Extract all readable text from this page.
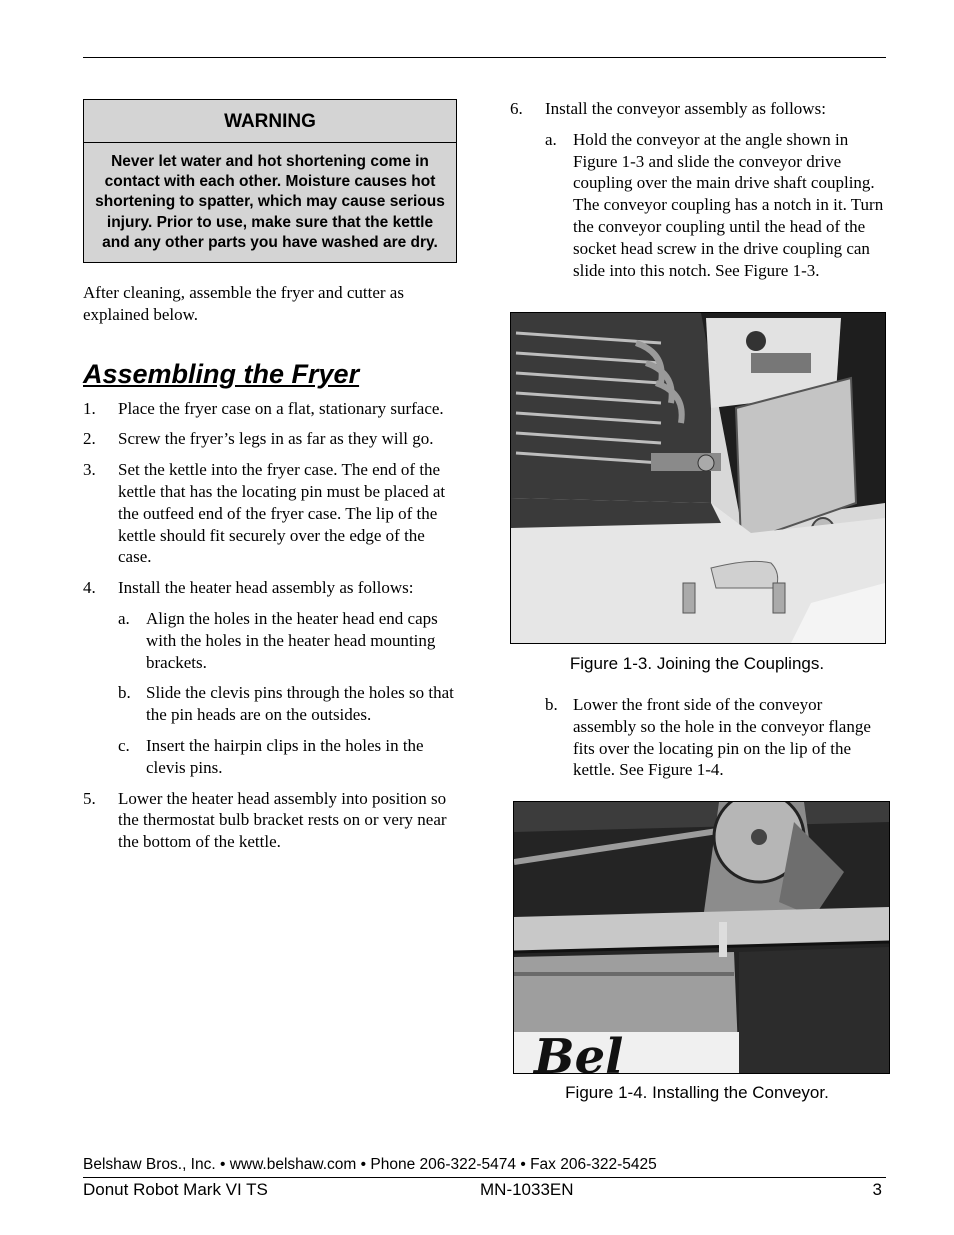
WARNING
Never let water and hot shortening come in contact with each other. Moisture causes hot shortening to spatter, which may cause serious injury. Prior to use, make sure that the kettle and any other parts you have washed are dry.
After cleaning, assemble the fryer and cutter as explained below.
Assembling the Fryer
1. Place the fryer case on a flat, stationary surface.
2. Screw the fryer’s legs in as far as they will go.
3. Set the kettle into the fryer case. The end of the kettle that has the locating pin must be placed at the outfeed end of the fryer case. The lip of the kettle should fit securely over the edge of the case.
4. Install the heater head assembly as follows:
a. Align the holes in the heater head end caps with the holes in the heater head mounting brackets.
b. Slide the clevis pins through the holes so that the pin heads are on the outsides.
c. Insert the hairpin clips in the holes in the clevis pins.
5. Lower the heater head assembly into position so the thermostat bulb bracket rests on or very near the bottom of the kettle.
6. Install the conveyor assembly as follows:
a. Hold the conveyor at the angle shown in Figure 1-3 and slide the conveyor drive coupling over the main drive shaft coupling. The conveyor coupling has a notch in it. Turn the conveyor coupling until the head of the socket head screw in the drive coupling can slide into this notch. See Figure 1-3.
Figure 1-3. Joining the Couplings.
b. Lower the front side of the conveyor assembly so the hole in the conveyor flange fits over the locating pin on the lip of the kettle. See Figure 1-4.
Bel
Figure 1-4. Installing the Conveyor.
Belshaw Bros., Inc. • www.belshaw.com • Phone 206-322-5474 • Fax 206-322-5425
Donut Robot Mark VI TS	MN-1033EN	3
